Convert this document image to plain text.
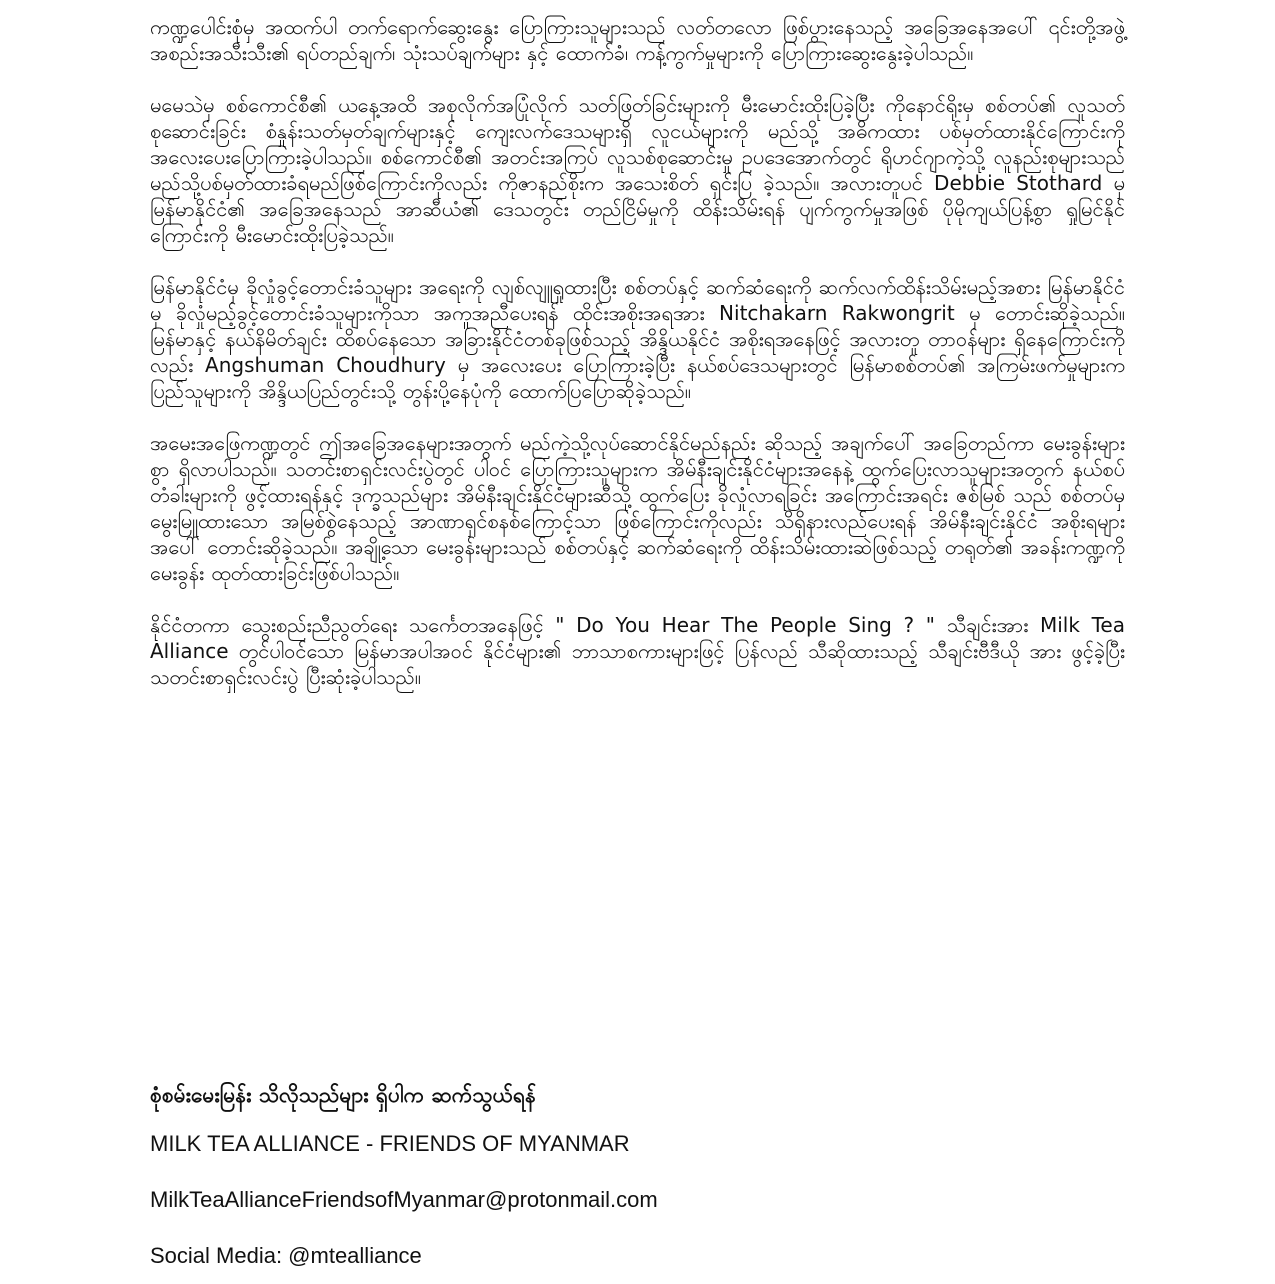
ကဏ္ဍပေါင်းစုံမှ အထက်ပါ တက်ရောက်ဆွေးနွေး ပြောကြားသူများသည် လတ်တလော ဖြစ်ပွားနေသည့် အခြေအနေအပေါ် ၎င်းတို့အဖွဲ့အစည်းအသီးသီး၏ ရပ်တည်ချက်၊ သုံးသပ်ချက်များ နှင့် ထောက်ခံ၊ ကန့်ကွက်မှုများကို ပြောကြားဆွေးနွေးခဲ့ပါသည်။

မမေသဲမှ စစ်ကောင်စီ၏ ယနေ့အထိ အစုလိုက်အပြုံလိုက် သတ်ဖြတ်ခြင်းများကို မီးမောင်းထိုးပြခဲ့ပြီး ကိုနောင်ရိုးမှ စစ်တပ်၏ လူသတ်စုဆောင်းခြင်း စံနှုန်းသတ်မှတ်ချက်များနှင့် ကျေးလက်ဒေသများရှိ လူငယ်များကို မည်သို့ အဓိကထား ပစ်မှတ်ထားနိုင်ကြောင်းကို အလေးပေးပြောကြားခဲ့ပါသည်။ စစ်ကောင်စီ၏ အတင်းအကြပ် လူသစ်စုဆောင်းမှု ဥပဒေအောက်တွင် ရိုဟင်ဂျာကဲ့သို့ လူနည်းစုများသည် မည်သို့ပစ်မှတ်ထားခံရမည်ဖြစ်ကြောင်းကိုလည်း ကိုဇာနည်စိုးက အသေးစိတ် ရှင်းပြ ခဲ့သည်။ အလားတူပင် Debbie Stothard မှ မြန်မာနိုင်ငံ၏ အခြေအနေသည် အာဆီယံ၏ ဒေသတွင်း တည်ငြိမ်မှုကို ထိန်းသိမ်းရန် ပျက်ကွက်မှုအဖြစ် ပိုမိုကျယ်ပြန့်စွာ ရှုမြင်နိုင်ကြောင်းကို မီးမောင်းထိုးပြခဲ့သည်။

မြန်မာနိုင်ငံမှ ခိုလှုံခွင့်တောင်းခံသူများ အရေးကို လျစ်လျူရှုထားပြီး စစ်တပ်နှင့် ဆက်ဆံရေးကို ဆက်လက်ထိန်းသိမ်းမည့်အစား မြန်မာနိုင်ငံမှ ခိုလှုံမည့်ခွင့်တောင်းခံသူများကိုသာ အကူအညီပေးရန် ထိုင်းအစိုးအရအား Nitchakarn Rakwongrit မှ တောင်းဆိုခဲ့သည်။ မြန်မာနှင့် နယ်နိမိတ်ချင်း ထိစပ်နေသော အခြားနိုင်ငံတစ်ခုဖြစ်သည့် အိန္ဒိယနိုင်ငံ အစိုးရအနေဖြင့် အလားတူ တာဝန်များ ရှိနေကြောင်းကိုလည်း Angshuman Choudhury မှ အလေးပေး ပြောကြားခဲ့ပြီး နယ်စပ်ဒေသများတွင် မြန်မာစစ်တပ်၏ အကြမ်းဖက်မှုများက ပြည်သူများကို အိန္ဒိယပြည်တွင်းသို့ တွန်းပို့နေပုံကို ထောက်ပြပြောဆိုခဲ့သည်။

အမေးအဖြေကဏ္ဍတွင် ဤအခြေအနေများအတွက် မည်ကဲ့သို့လုပ်ဆောင်နိုင်မည်နည်း ဆိုသည့် အချက်ပေါ် အခြေတည်ကာ မေးခွန်းများစွာ ရှိလာပါသည်။ သတင်းစာရှင်းလင်းပွဲတွင် ပါဝင် ပြောကြားသူများက အိမ်နီးချင်းနိုင်ငံများအနေနဲ့ ထွက်ပြေးလာသူများအတွက် နယ်စပ်တံခါးများကို ဖွင့်ထားရန်နှင့် ဒုက္ခသည်များ အိမ်နီးချင်းနိုင်ငံများဆီသို့ ထွက်ပြေး ခိုလှုံလာရခြင်း အကြောင်းအရင်း ဇစ်မြစ် သည် စစ်တပ်မှ မွေးမြူထားသော အမြစ်စွဲနေသည့် အာဏာရှင်စနစ်ကြောင့်သာ ဖြစ်ကြောင်းကိုလည်း သိရှိနားလည်ပေးရန် အိမ်နီးချင်းနိုင်ငံ အစိုးရများအပေါ် တောင်းဆိုခဲ့သည်။ အချို့သော မေးခွန်းများသည် စစ်တပ်နှင့် ဆက်ဆံရေးကို ထိန်းသိမ်းထားဆဲဖြစ်သည့် တရုတ်၏ အခန်းကဏ္ဍကိုမေးခွန်း ထုတ်ထားခြင်းဖြစ်ပါသည်။

နိုင်ငံတကာ သွေးစည်းညီညွတ်ရေး သင်္ကေတအနေဖြင့် " Do You Hear The People Sing ? " သီချင်းအား Milk Tea Alliance တွင်ပါဝင်သော မြန်မာအပါအဝင် နိုင်ငံများ၏ ဘာသာစကားများဖြင့် ပြန်လည် သီဆိုထားသည့် သီချင်းဗီဒီယို အား ဖွင့်ခဲ့ပြီး သတင်းစာရှင်းလင်းပွဲ ပြီးဆုံးခဲ့ပါသည်။

စုံစမ်းမေးမြန်း သိလိုသည်များ ရှိပါက ဆက်သွယ်ရန်

MILK TEA ALLIANCE - FRIENDS OF MYANMAR

MilkTeaAllianceFriendsofMyanmar@protonmail.com

Social Media: @mtealliance
